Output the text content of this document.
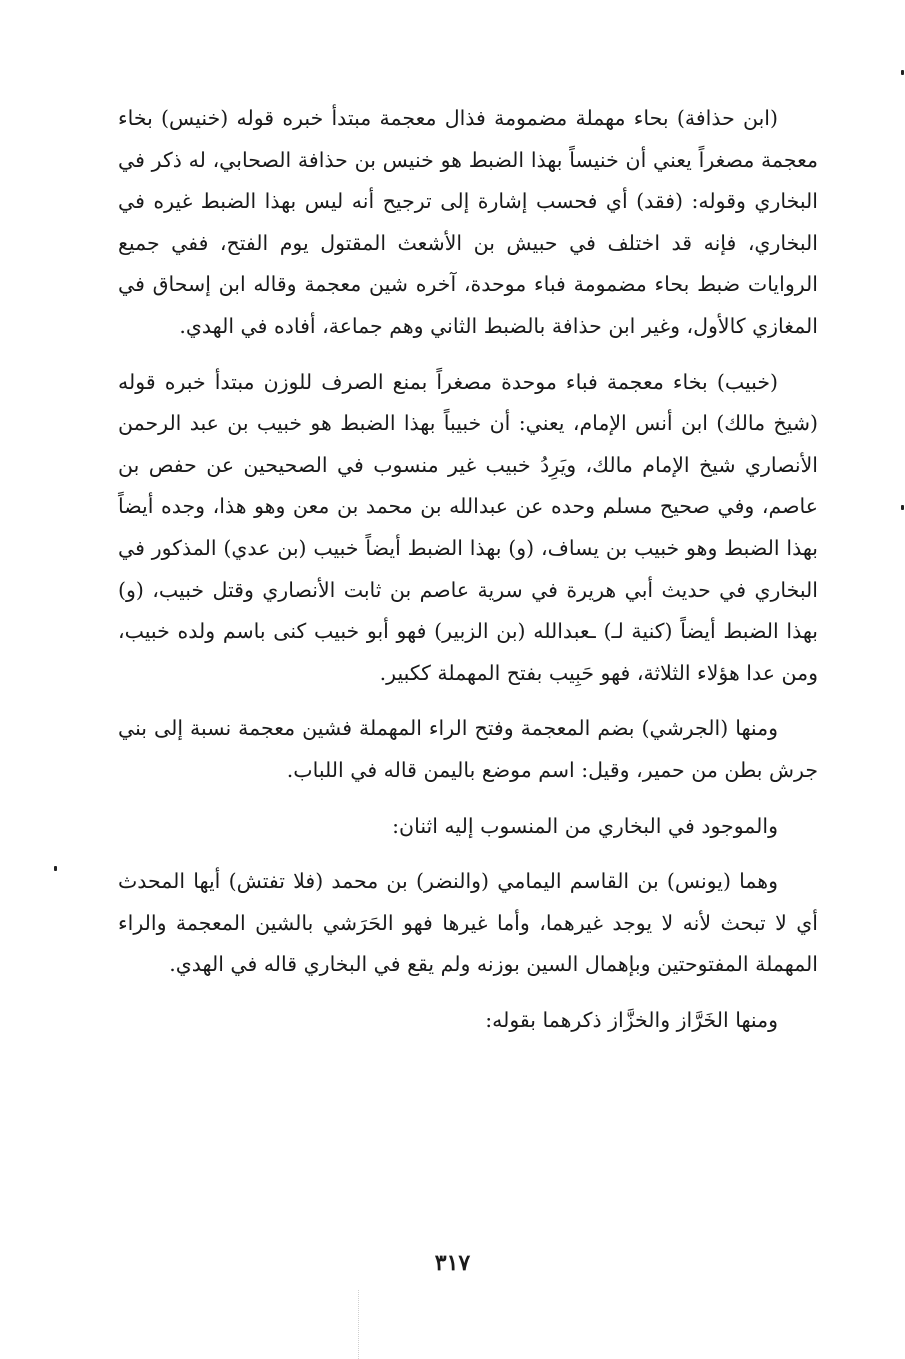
(ابن حذافة) بحاء مهملة مضمومة فذال معجمة مبتدأ خبره قوله (خنيس) بخاء معجمة مصغراً يعني أن خنيساً بهذا الضبط هو خنيس بن حذافة الصحابي، له ذكر في البخاري وقوله: (فقد) أي فحسب إشارة إلى ترجيح أنه ليس بهذا الضبط غيره في البخاري، فإنه قد اختلف في حبيش بن الأشعث المقتول يوم الفتح، ففي جميع الروايات ضبط بحاء مضمومة فباء موحدة، آخره شين معجمة وقاله ابن إسحاق في المغازي كالأول، وغير ابن حذافة بالضبط الثاني وهم جماعة، أفاده في الهدي.

(خبيب) بخاء معجمة فباء موحدة مصغراً بمنع الصرف للوزن مبتدأ خبره قوله (شيخ مالك) ابن أنس الإمام، يعني: أن خبيباً بهذا الضبط هو خبيب بن عبد الرحمن الأنصاري شيخ الإمام مالك، ويَرِدُ خبيب غير منسوب في الصحيحين عن حفص بن عاصم، وفي صحيح مسلم وحده عن عبدالله بن محمد بن معن وهو هذا، وجده أيضاً بهذا الضبط وهو خبيب بن يساف، (و) بهذا الضبط أيضاً خبيب (بن عدي) المذكور في البخاري في حديث أبي هريرة في سرية عاصم بن ثابت الأنصاري وقتل خبيب، (و) بهذا الضبط أيضاً (كنية لـ) ـعبدالله (بن الزبير) فهو أبو خبيب كنى باسم ولده خبيب، ومن عدا هؤلاء الثلاثة، فهو حَبِيب بفتح المهملة ككبير.

ومنها (الجرشي) بضم المعجمة وفتح الراء المهملة فشين معجمة نسبة إلى بني جرش بطن من حمير، وقيل: اسم موضع باليمن قاله في اللباب.

والموجود في البخاري من المنسوب إليه اثنان:

وهما (يونس) بن القاسم اليمامي (والنضر) بن محمد (فلا تفتش) أيها المحدث أي لا تبحث لأنه لا يوجد غيرهما، وأما غيرها فهو الحَرَشي بالشين المعجمة والراء المهملة المفتوحتين وبإهمال السين بوزنه ولم يقع في البخاري قاله في الهدي.

ومنها الخَرَّاز والخزَّاز ذكرهما بقوله:

٣١٧
